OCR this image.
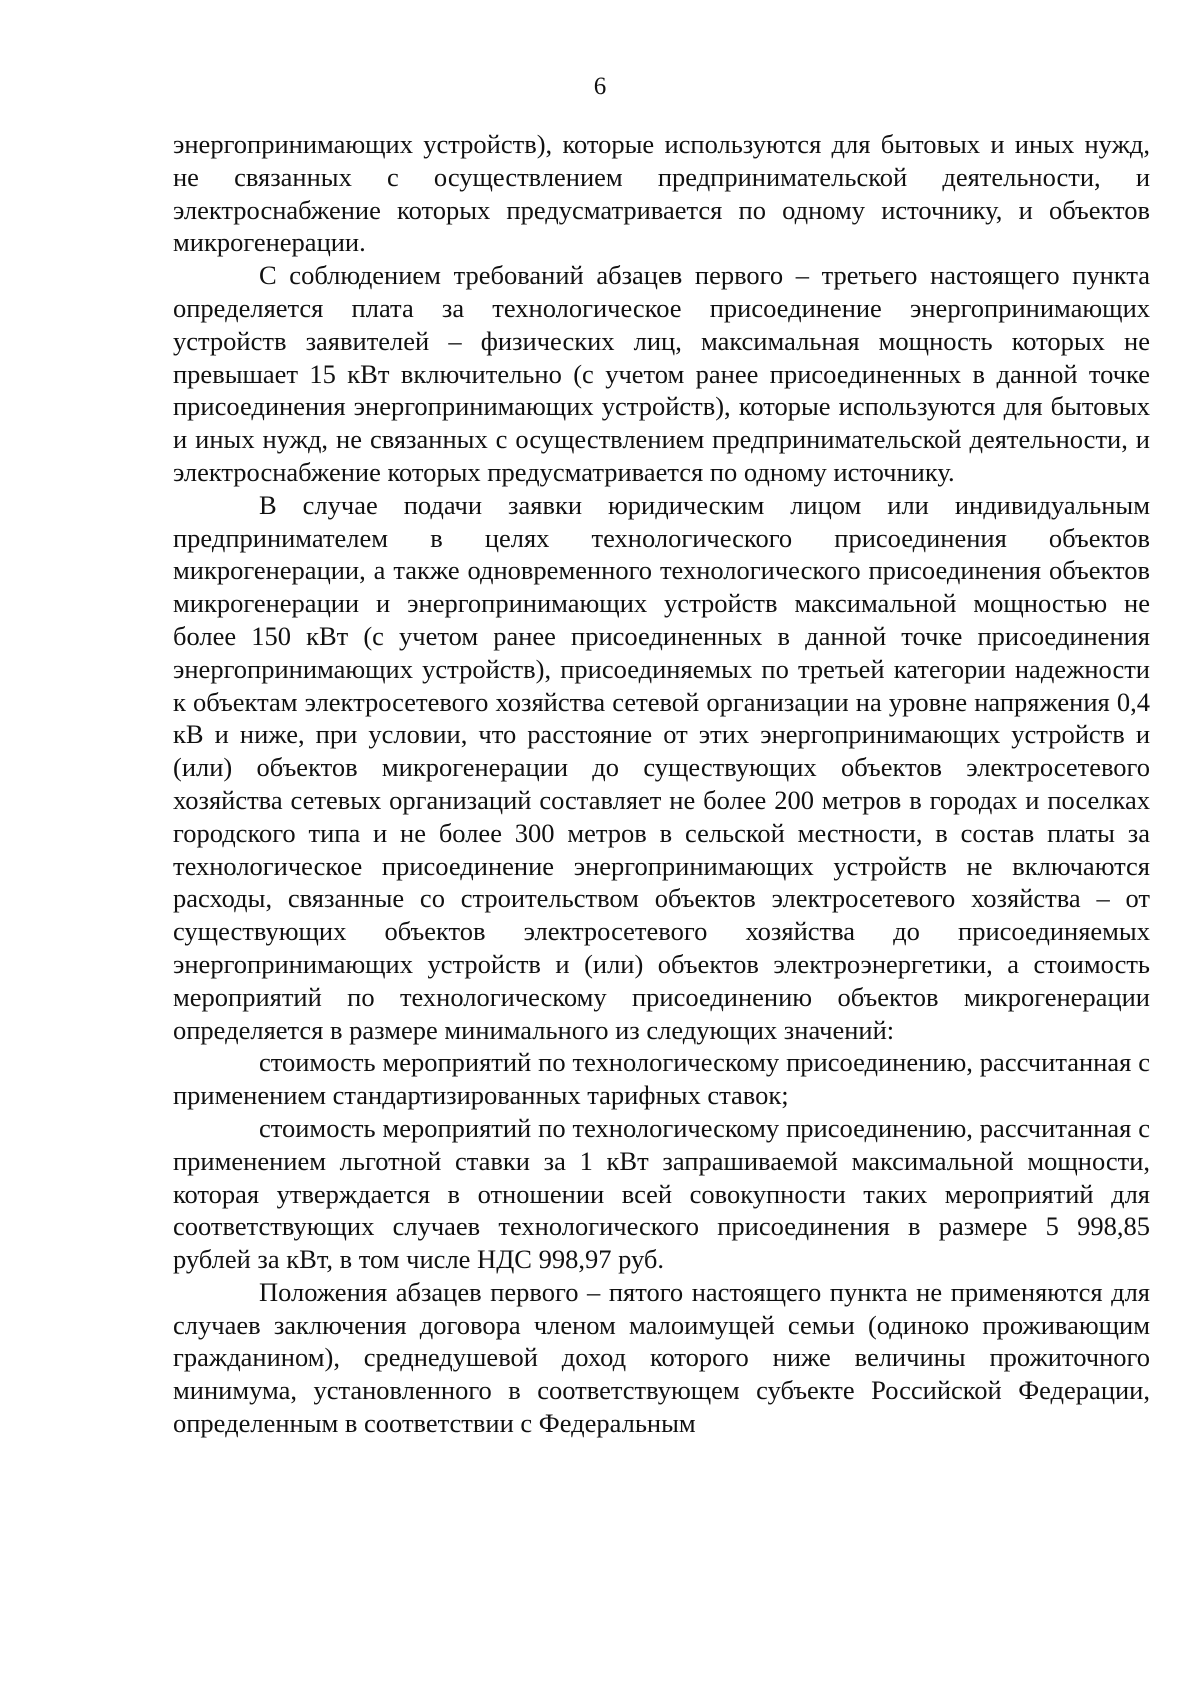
6

энергопринимающих устройств), которые используются для бытовых и иных нужд, не связанных с осуществлением предпринимательской деятельности, и электроснабжение которых предусматривается по одному источнику, и объектов микрогенерации.

С соблюдением требований абзацев первого – третьего настоящего пункта определяется плата за технологическое присоединение энергопринимающих устройств заявителей – физических лиц, максимальная мощность которых не превышает 15 кВт включительно (с учетом ранее присоединенных в данной точке присоединения энергопринимающих устройств), которые используются для бытовых и иных нужд, не связанных с осуществлением предпринимательской деятельности, и электроснабжение которых предусматривается по одному источнику.

В случае подачи заявки юридическим лицом или индивидуальным предпринимателем в целях технологического присоединения объектов микрогенерации, а также одновременного технологического присоединения объектов микрогенерации и энергопринимающих устройств максимальной мощностью не более 150 кВт (с учетом ранее присоединенных в данной точке присоединения энергопринимающих устройств), присоединяемых по третьей категории надежности к объектам электросетевого хозяйства сетевой организации на уровне напряжения 0,4 кВ и ниже, при условии, что расстояние от этих энергопринимающих устройств и (или) объектов микрогенерации до существующих объектов электросетевого хозяйства сетевых организаций составляет не более 200 метров в городах и поселках городского типа и не более 300 метров в сельской местности, в состав платы за технологическое присоединение энергопринимающих устройств не включаются расходы, связанные со строительством объектов электросетевого хозяйства – от существующих объектов электросетевого хозяйства до присоединяемых энергопринимающих устройств и (или) объектов электроэнергетики, а стоимость мероприятий по технологическому присоединению объектов микрогенерации определяется в размере минимального из следующих значений:

стоимость мероприятий по технологическому присоединению, рассчитанная с применением стандартизированных тарифных ставок;

стоимость мероприятий по технологическому присоединению, рассчитанная с применением льготной ставки за 1 кВт запрашиваемой максимальной мощности, которая утверждается в отношении всей совокупности таких мероприятий для соответствующих случаев технологического присоединения в размере 5 998,85 рублей за кВт, в том числе НДС 998,97 руб.

Положения абзацев первого – пятого настоящего пункта не применяются для случаев заключения договора членом малоимущей семьи (одиноко проживающим гражданином), среднедушевой доход которого ниже величины прожиточного минимума, установленного в соответствующем субъекте Российской Федерации, определенным в соответствии с Федеральным
